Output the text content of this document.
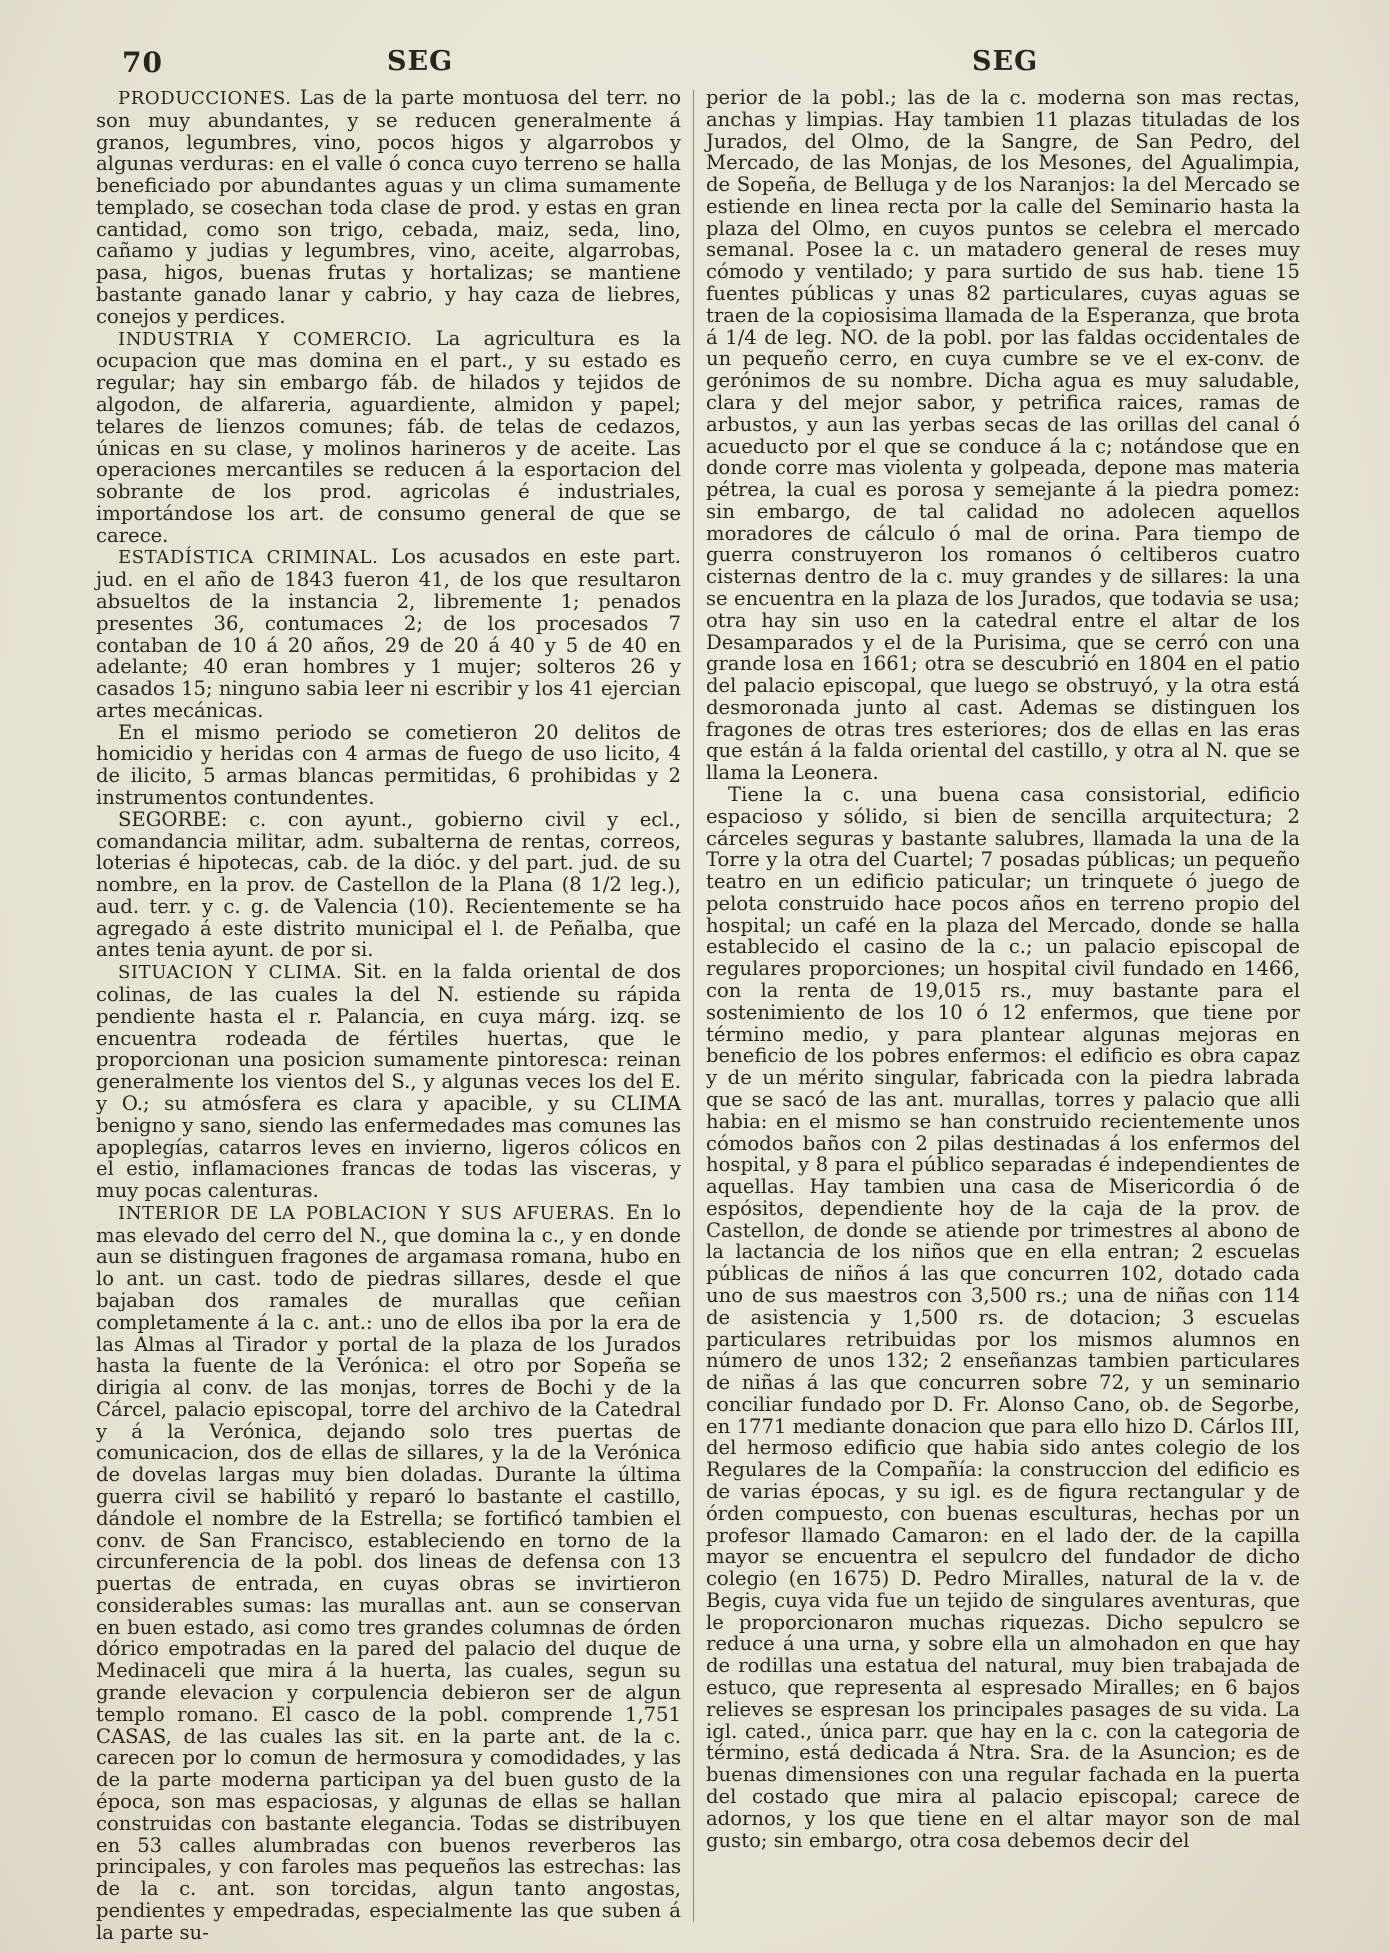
70	SEG	SEG

PRODUCCIONES. Las de la parte montuosa del terr. no son muy abundantes, y se reducen generalmente á granos, legumbres, vino, pocos higos y algarrobos y algunas verduras: en el valle ó conca cuyo terreno se halla beneficiado por abundantes aguas y un clima sumamente templado, se cosechan toda clase de prod. y estas en gran cantidad, como son trigo, cebada, maiz, seda, lino, cañamo y judias y legumbres, vino, aceite, algarrobas, pasa, higos, buenas frutas y hortalizas; se mantiene bastante ganado lanar y cabrio, y hay caza de liebres, conejos y perdices.

INDUSTRIA Y COMERCIO. La agricultura es la ocupacion que mas domina en el part., y su estado es regular; hay sin embargo fáb. de hilados y tejidos de algodon, de alfareria, aguardiente, almidon y papel; telares de lienzos comunes; fáb. de telas de cedazos, únicas en su clase, y molinos harineros y de aceite. Las operaciones mercantiles se reducen á la esportacion del sobrante de los prod. agricolas é industriales, importándose los art. de consumo general de que se carece.

ESTADÍSTICA CRIMINAL. Los acusados en este part. jud. en el año de 1843 fueron 41, de los que resultaron absueltos de la instancia 2, libremente 1; penados presentes 36, contumaces 2; de los procesados 7 contaban de 10 á 20 años, 29 de 20 á 40 y 5 de 40 en adelante; 40 eran hombres y 1 mujer; solteros 26 y casados 15; ninguno sabia leer ni escribir y los 41 ejercian artes mecánicas.

En el mismo periodo se cometieron 20 delitos de homicidio y heridas con 4 armas de fuego de uso licito, 4 de ilicito, 5 armas blancas permitidas, 6 prohibidas y 2 instrumentos contundentes.

SEGORBE: c. con ayunt., gobierno civil y ecl., comandancia militar, adm. subalterna de rentas, correos, loterias é hipotecas, cab. de la dióc. y del part. jud. de su nombre, en la prov. de Castellon de la Plana (8 1/2 leg.), aud. terr. y c. g. de Valencia (10). Recientemente se ha agregado á este distrito municipal el l. de Peñalba, que antes tenia ayunt. de por si.

SITUACION Y CLIMA. Sit. en la falda oriental de dos colinas, de las cuales la del N. estiende su rápida pendiente hasta el r. Palancia, en cuya márg. izq. se encuentra rodeada de fértiles huertas, que le proporcionan una posicion sumamente pintoresca: reinan generalmente los vientos del S., y algunas veces los del E. y O.; su atmósfera es clara y apacible, y su CLIMA benigno y sano, siendo las enfermedades mas comunes las apoplegías, catarros leves en invierno, ligeros cólicos en el estio, inflamaciones francas de todas las visceras, y muy pocas calenturas.

INTERIOR DE LA POBLACION Y SUS AFUERAS. En lo mas elevado del cerro del N., que domina la c., y en donde aun se distinguen fragones de argamasa romana, hubo en lo ant. un cast. todo de piedras sillares, desde el que bajaban dos ramales de murallas que ceñian completamente á la c. ant.: uno de ellos iba por la era de las Almas al Tirador y portal de la plaza de los Jurados hasta la fuente de la Verónica: el otro por Sopeña se dirigia al conv. de las monjas, torres de Bochi y de la Cárcel, palacio episcopal, torre del archivo de la Catedral y á la Verónica, dejando solo tres puertas de comunicacion, dos de ellas de sillares, y la de la Verónica de dovelas largas muy bien doladas. Durante la última guerra civil se habilitó y reparó lo bastante el castillo, dándole el nombre de la Estrella; se fortificó tambien el conv. de San Francisco, estableciendo en torno de la circunferencia de la pobl. dos lineas de defensa con 13 puertas de entrada, en cuyas obras se invirtieron considerables sumas: las murallas ant. aun se conservan en buen estado, asi como tres grandes columnas de órden dórico empotradas en la pared del palacio del duque de Medinaceli que mira á la huerta, las cuales, segun su grande elevacion y corpulencia debieron ser de algun templo romano. El casco de la pobl. comprende 1,751 CASAS, de las cuales las sit. en la parte ant. de la c. carecen por lo comun de hermosura y comodidades, y las de la parte moderna participan ya del buen gusto de la época, son mas espaciosas, y algunas de ellas se hallan construidas con bastante elegancia. Todas se distribuyen en 53 calles alumbradas con buenos reverberos las principales, y con faroles mas pequeños las estrechas: las de la c. ant. son torcidas, algun tanto angostas, pendientes y empedradas, especialmente las que suben á la parte su-

perior de la pobl.; las de la c. moderna son mas rectas, anchas y limpias. Hay tambien 11 plazas tituladas de los Jurados, del Olmo, de la Sangre, de San Pedro, del Mercado, de las Monjas, de los Mesones, del Agualimpia, de Sopeña, de Belluga y de los Naranjos: la del Mercado se estiende en linea recta por la calle del Seminario hasta la plaza del Olmo, en cuyos puntos se celebra el mercado semanal. Posee la c. un matadero general de reses muy cómodo y ventilado; y para surtido de sus hab. tiene 15 fuentes públicas y unas 82 particulares, cuyas aguas se traen de la copiosisima llamada de la Esperanza, que brota á 1/4 de leg. NO. de la pobl. por las faldas occidentales de un pequeño cerro, en cuya cumbre se ve el ex-conv. de gerónimos de su nombre. Dicha agua es muy saludable, clara y del mejor sabor, y petrifica raices, ramas de arbustos, y aun las yerbas secas de las orillas del canal ó acueducto por el que se conduce á la c; notándose que en donde corre mas violenta y golpeada, depone mas materia pétrea, la cual es porosa y semejante á la piedra pomez: sin embargo, de tal calidad no adolecen aquellos moradores de cálculo ó mal de orina. Para tiempo de guerra construyeron los romanos ó celtiberos cuatro cisternas dentro de la c. muy grandes y de sillares: la una se encuentra en la plaza de los Jurados, que todavia se usa; otra hay sin uso en la catedral entre el altar de los Desamparados y el de la Purisima, que se cerró con una grande losa en 1661; otra se descubrió en 1804 en el patio del palacio episcopal, que luego se obstruyó, y la otra está desmoronada junto al cast. Ademas se distinguen los fragones de otras tres esteriores; dos de ellas en las eras que están á la falda oriental del castillo, y otra al N. que se llama la Leonera.

Tiene la c. una buena casa consistorial, edificio espacioso y sólido, si bien de sencilla arquitectura; 2 cárceles seguras y bastante salubres, llamada la una de la Torre y la otra del Cuartel; 7 posadas públicas; un pequeño teatro en un edificio paticular; un trinquete ó juego de pelota construido hace pocos años en terreno propio del hospital; un café en la plaza del Mercado, donde se halla establecido el casino de la c.; un palacio episcopal de regulares proporciones; un hospital civil fundado en 1466, con la renta de 19,015 rs., muy bastante para el sostenimiento de los 10 ó 12 enfermos, que tiene por término medio, y para plantear algunas mejoras en beneficio de los pobres enfermos: el edificio es obra capaz y de un mérito singular, fabricada con la piedra labrada que se sacó de las ant. murallas, torres y palacio que alli habia: en el mismo se han construido recientemente unos cómodos baños con 2 pilas destinadas á los enfermos del hospital, y 8 para el público separadas é independientes de aquellas. Hay tambien una casa de Misericordia ó de espósitos, dependiente hoy de la caja de la prov. de Castellon, de donde se atiende por trimestres al abono de la lactancia de los niños que en ella entran; 2 escuelas públicas de niños á las que concurren 102, dotado cada uno de sus maestros con 3,500 rs.; una de niñas con 114 de asistencia y 1,500 rs. de dotacion; 3 escuelas particulares retribuidas por los mismos alumnos en número de unos 132; 2 enseñanzas tambien particulares de niñas á las que concurren sobre 72, y un seminario conciliar fundado por D. Fr. Alonso Cano, ob. de Segorbe, en 1771 mediante donacion que para ello hizo D. Cárlos III, del hermoso edificio que habia sido antes colegio de los Regulares de la Compañía: la construccion del edificio es de varias épocas, y su igl. es de figura rectangular y de órden compuesto, con buenas esculturas, hechas por un profesor llamado Camaron: en el lado der. de la capilla mayor se encuentra el sepulcro del fundador de dicho colegio (en 1675) D. Pedro Miralles, natural de la v. de Begis, cuya vida fue un tejido de singulares aventuras, que le proporcionaron muchas riquezas. Dicho sepulcro se reduce á una urna, y sobre ella un almohadon en que hay de rodillas una estatua del natural, muy bien trabajada de estuco, que representa al espresado Miralles; en 6 bajos relieves se espresan los principales pasages de su vida. La igl. cated., única parr. que hay en la c. con la categoria de término, está dedicada á Ntra. Sra. de la Asuncion; es de buenas dimensiones con una regular fachada en la puerta del costado que mira al palacio episcopal; carece de adornos, y los que tiene en el altar mayor son de mal gusto; sin embargo, otra cosa debemos decir del
